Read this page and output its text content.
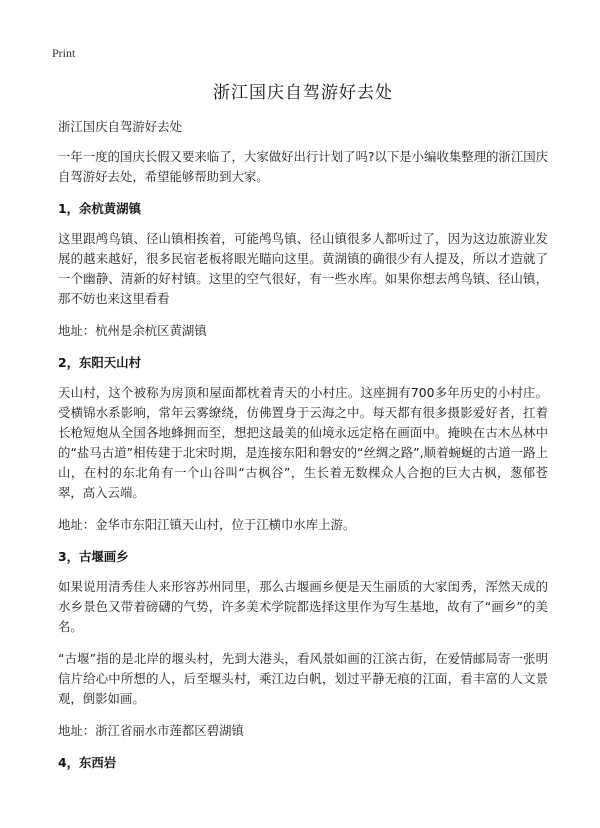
Print
浙江国庆自驾游好去处

浙江国庆自驾游好去处

一年一度的国庆长假又要来临了，大家做好出行计划了吗?以下是小编收集整理的浙江国庆自驾游好去处，希望能够帮助到大家。

1，余杭黄湖镇

这里跟鸬鸟镇、径山镇相挨着，可能鸬鸟镇、径山镇很多人都听过了，因为这边旅游业发展的越来越好，很多民宿老板将眼光瞄向这里。黄湖镇的确很少有人提及，所以才造就了一个幽静、清新的好村镇。这里的空气很好，有一些水库。如果你想去鸬鸟镇、径山镇，那不妨也来这里看看

地址：杭州是余杭区黄湖镇

2，东阳天山村

天山村，这个被称为房顶和屋面都枕着青天的小村庄。这座拥有700多年历史的小村庄。受横锦水系影响，常年云雾缭绕，仿佛置身于云海之中。每天都有很多摄影爱好者，扛着长枪短炮从全国各地蜂拥而至，想把这最美的仙境永远定格在画面中。掩映在古木丛林中的“盐马古道”相传建于北宋时期，是连接东阳和磐安的“丝绸之路”,顺着蜿蜒的古道一路上山，在村的东北角有一个山谷叫“古枫谷”，生长着无数棵众人合抱的巨大古枫，葱郁苍翠，高入云端。

地址：金华市东阳江镇天山村，位于江横巾水库上游。

3，古堰画乡

如果说用清秀佳人来形容苏州同里，那么古堰画乡便是天生丽质的大家闺秀，浑然天成的水乡景色又带着磅礴的气势，许多美术学院都选择这里作为写生基地，故有了“画乡”的美名。

“古堰”指的是北岸的堰头村，先到大港头，看风景如画的江滨古街，在爱情邮局寄一张明信片给心中所想的人，后至堰头村，乘江边白帆，划过平静无痕的江面，看丰富的人文景观，倒影如画。

地址：浙江省丽水市莲都区碧湖镇

4，东西岩
